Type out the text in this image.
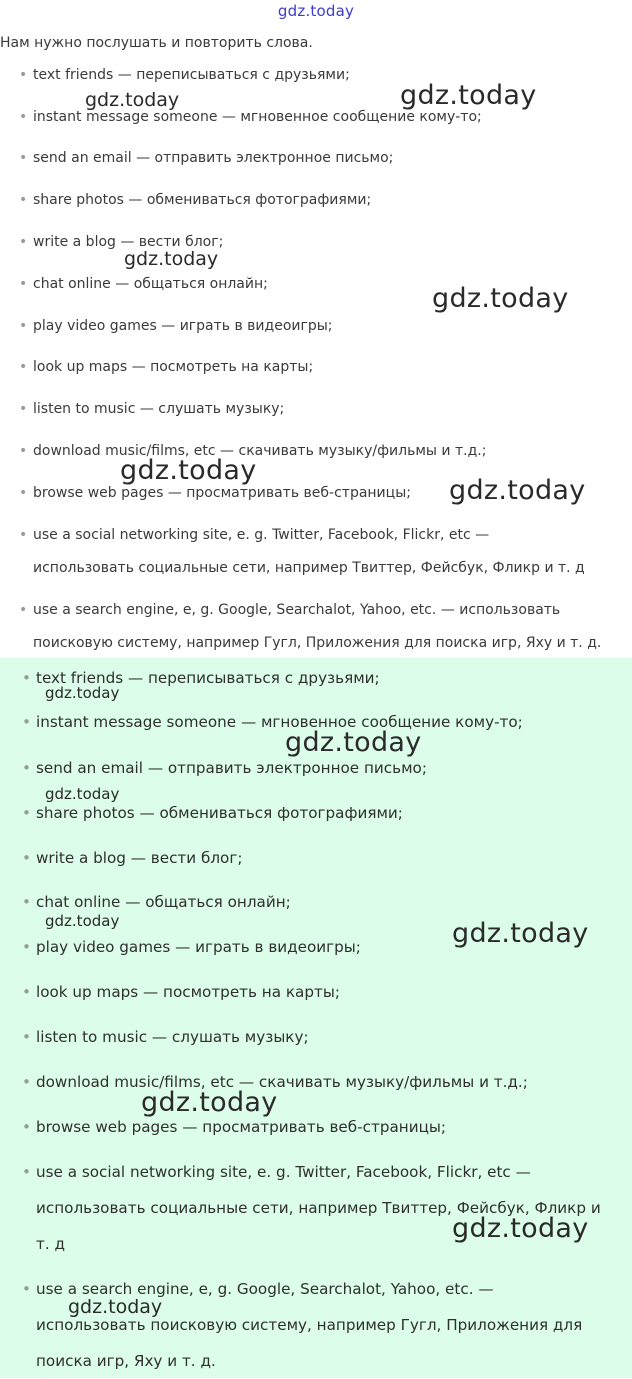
gdz.today
Нам нужно послушать и повторить слова.
• text friends — переписываться с друзьями;
• instant message someone — мгновенное сообщение кому-то;
• send an email — отправить электронное письмо;
• share photos — обмениваться фотографиями;
• write a blog — вести блог;
• chat online — общаться онлайн;
• play video games — играть в видеоигры;
• look up maps — посмотреть на карты;
• listen to music — слушать музыку;
• download music/films, etc — скачивать музыку/фильмы и т.д.;
• browse web pages — просматривать веб-страницы;
• use a social networking site, e. g. Twitter, Facebook, Flickr, etc —
использовать социальные сети, например Твиттер, Фейсбук, Фликр и т. д
• use a search engine, e, g. Google, Searchalot, Yahoo, etc. — использовать
поисковую систему, например Гугл, Приложения для поиска игр, Яху и т. д.
• text friends — переписываться с друзьями;
• instant message someone — мгновенное сообщение кому-то;
• send an email — отправить электронное письмо;
• share photos — обмениваться фотографиями;
• write a blog — вести блог;
• chat online — общаться онлайн;
• play video games — играть в видеоигры;
• look up maps — посмотреть на карты;
• listen to music — слушать музыку;
• download music/films, etc — скачивать музыку/фильмы и т.д.;
• browse web pages — просматривать веб-страницы;
• use a social networking site, e. g. Twitter, Facebook, Flickr, etc —
использовать социальные сети, например Твиттер, Фейсбук, Фликр и
т. д
• use a search engine, e, g. Google, Searchalot, Yahoo, etc. —
использовать поисковую систему, например Гугл, Приложения для
поиска игр, Яху и т. д.
gdz.today	gdz.today
gdz.today
gdz.today
gdz.today
gdz.today
gdz.today
gdz.today
gdz.today
gdz.today	gdz.today
gdz.today
gdz.today
gdz.today
